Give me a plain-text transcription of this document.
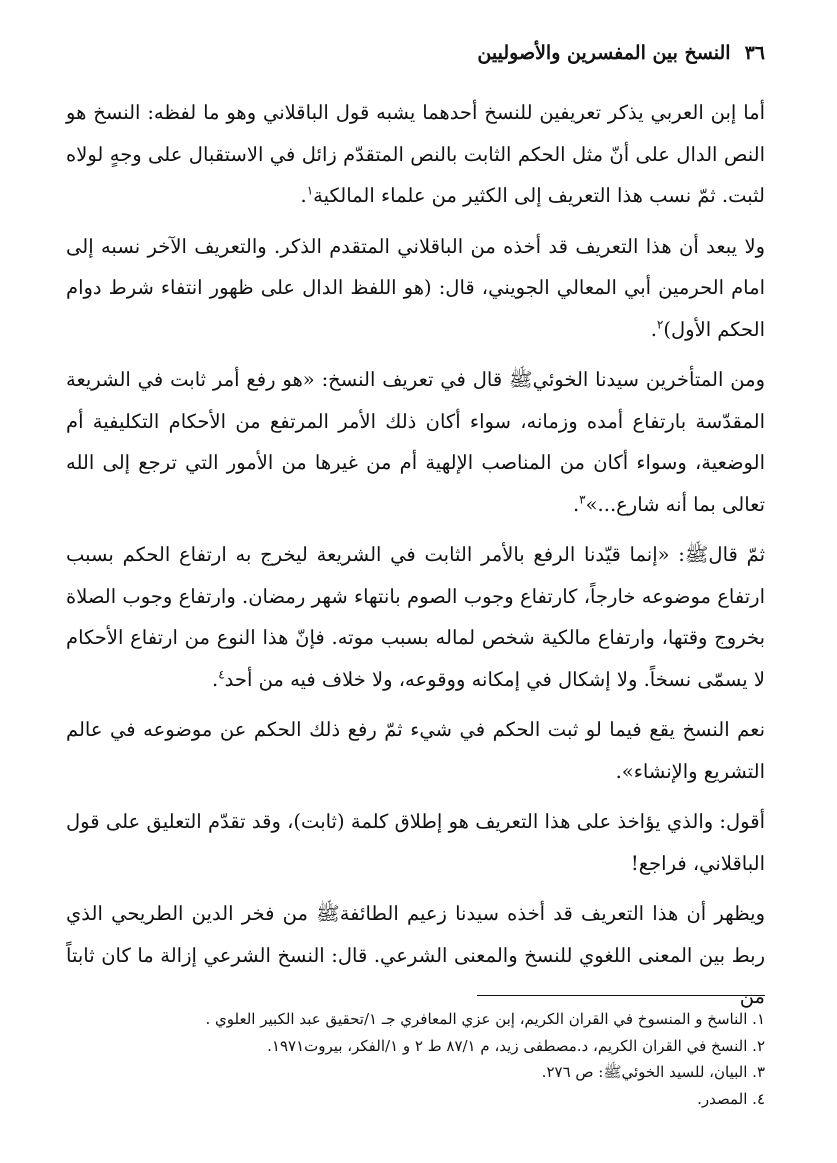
٣٦
النسخ بين المفسرين والأصوليين

أما إبن العربي يذكر تعريفين للنسخ أحدهما يشبه قول الباقلاني وهو ما لفظه: النسخ هو النص الدال على أنّ مثل الحكم الثابت بالنص المتقدّم زائل في الاستقبال على وجهٍ لولاه لثبت. ثمّ نسب هذا التعريف إلى الكثير من علماء المالكية$^١$.

ولا يبعد أن هذا التعريف قد أخذه من الباقلاني المتقدم الذكر. والتعريف الآخر نسبه إلى امام الحرمين أبي المعالي الجويني، قال: (هو اللفظ الدال على ظهور انتفاء شرط دوام الحكم الأول)$^٢$.

ومن المتأخرين سيدنا الخوئيﷺ قال في تعريف النسخ: «هو رفع أمر ثابت في الشريعة المقدّسة بارتفاع أمده وزمانه، سواء أكان ذلك الأمر المرتفع من الأحكام التكليفية أم الوضعية، وسواء أكان من المناصب الإلهية أم من غيرها من الأمور التي ترجع إلى الله تعالى بما أنه شارع...»$^٣$.

ثمّ قالﷺ: «إنما قيّدنا الرفع بالأمر الثابت في الشريعة ليخرج به ارتفاع الحكم بسبب ارتفاع موضوعه خارجاً، كارتفاع وجوب الصوم بانتهاء شهر رمضان. وارتفاع وجوب الصلاة بخروج وقتها، وارتفاع مالكية شخص لماله بسبب موته. فإنّ هذا النوع من ارتفاع الأحكام لا يسمّى نسخاً. ولا إشكال في إمكانه ووقوعه، ولا خلاف فيه من أحد$^٤$.

نعم النسخ يقع فيما لو ثبت الحكم في شيء ثمّ رفع ذلك الحكم عن موضوعه في عالم التشريع والإنشاء».

أقول: والذي يؤاخذ على هذا التعريف هو إطلاق كلمة (ثابت)، وقد تقدّم التعليق على قول الباقلاني، فراجع!

ويظهر أن هذا التعريف قد أخذه سيدنا زعيم الطائفةﷺ من فخر الدين الطريحي الذي ربط بين المعنى اللغوي للنسخ والمعنى الشرعي. قال: النسخ الشرعي إزالة ما كان ثابتاً من

١. الناسخ و المنسوخ في القران الكريم، إبن عزي المعافري جـ ١/تحقيق عبد الكبير العلوي .
٢. النسخ في القران الكريم، د.مصطفى زيد، م ٨٧/١ ط ٢ و ١/الفكر، بيروت١٩٧١.
٣. البيان، للسيد الخوئيﷺ: ص ٢٧٦.
٤. المصدر.
